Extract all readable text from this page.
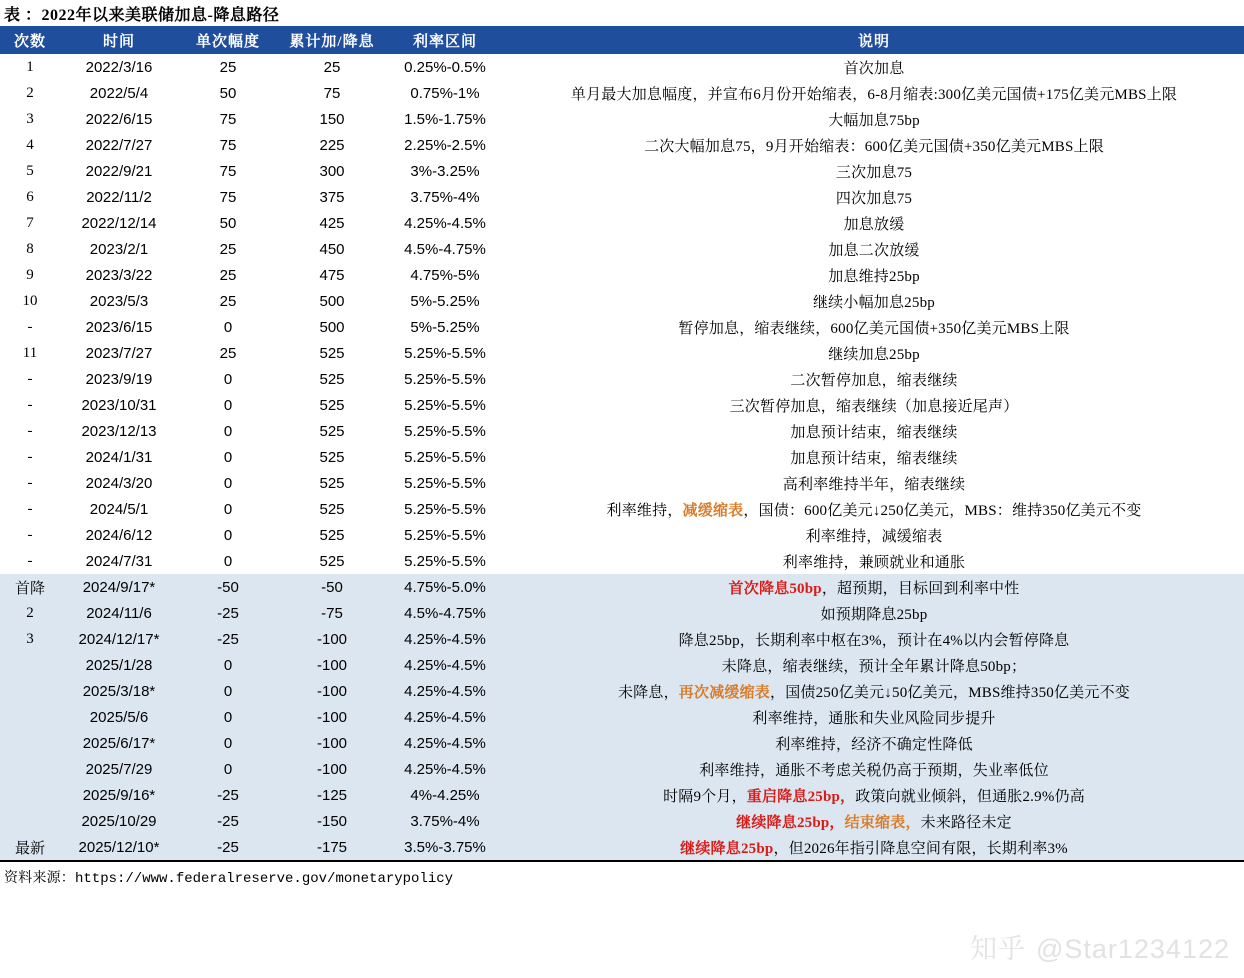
表 ：2022年以来美联储加息-降息路径
次数	时间	单次幅度	累计加/降息	利率区间	说明
1	2022/3/16	25	25	0.25%-0.5%	首次加息
2	2022/5/4	50	75	0.75%-1%	单月最大加息幅度，并宣布6月份开始缩表，6-8月缩表:300亿美元国债+175亿美元MBS上限
3	2022/6/15	75	150	1.5%-1.75%	大幅加息75bp
4	2022/7/27	75	225	2.25%-2.5%	二次大幅加息75，9月开始缩表：600亿美元国债+350亿美元MBS上限
5	2022/9/21	75	300	3%-3.25%	三次加息75
6	2022/11/2	75	375	3.75%-4%	四次加息75
7	2022/12/14	50	425	4.25%-4.5%	加息放缓
8	2023/2/1	25	450	4.5%-4.75%	加息二次放缓
9	2023/3/22	25	475	4.75%-5%	加息维持25bp
10	2023/5/3	25	500	5%-5.25%	继续小幅加息25bp
-	2023/6/15	0	500	5%-5.25%	暂停加息，缩表继续，600亿美元国债+350亿美元MBS上限
11	2023/7/27	25	525	5.25%-5.5%	继续加息25bp
-	2023/9/19	0	525	5.25%-5.5%	二次暂停加息，缩表继续
-	2023/10/31	0	525	5.25%-5.5%	三次暂停加息，缩表继续（加息接近尾声）
-	2023/12/13	0	525	5.25%-5.5%	加息预计结束，缩表继续
-	2024/1/31	0	525	5.25%-5.5%	加息预计结束，缩表继续
-	2024/3/20	0	525	5.25%-5.5%	高利率维持半年，缩表继续
-	2024/5/1	0	525	5.25%-5.5%	利率维持，减缓缩表，国债：600亿美元↓250亿美元，MBS：维持350亿美元不变
-	2024/6/12	0	525	5.25%-5.5%	利率维持，减缓缩表
-	2024/7/31	0	525	5.25%-5.5%	利率维持，兼顾就业和通胀
首降	2024/9/17*	-50	-50	4.75%-5.0%	首次降息50bp，超预期，目标回到利率中性
2	2024/11/6	-25	-75	4.5%-4.75%	如预期降息25bp
3	2024/12/17*	-25	-100	4.25%-4.5%	降息25bp，长期利率中枢在3%，预计在4%以内会暂停降息
	2025/1/28	0	-100	4.25%-4.5%	未降息，缩表继续，预计全年累计降息50bp；
	2025/3/18*	0	-100	4.25%-4.5%	未降息，再次减缓缩表，国债250亿美元↓50亿美元，MBS维持350亿美元不变
	2025/5/6	0	-100	4.25%-4.5%	利率维持，通胀和失业风险同步提升
	2025/6/17*	0	-100	4.25%-4.5%	利率维持，经济不确定性降低
	2025/7/29	0	-100	4.25%-4.5%	利率维持，通胀不考虑关税仍高于预期，失业率低位
	2025/9/16*	-25	-125	4%-4.25%	时隔9个月，重启降息25bp，政策向就业倾斜，但通胀2.9%仍高
	2025/10/29	-25	-150	3.75%-4%	继续降息25bp，结束缩表，未来路径未定
最新	2025/12/10*	-25	-175	3.5%-3.75%	继续降息25bp，但2026年指引降息空间有限，长期利率3%
资料来源：https://www.federalreserve.gov/monetarypolicy
知乎 @Star1234122
